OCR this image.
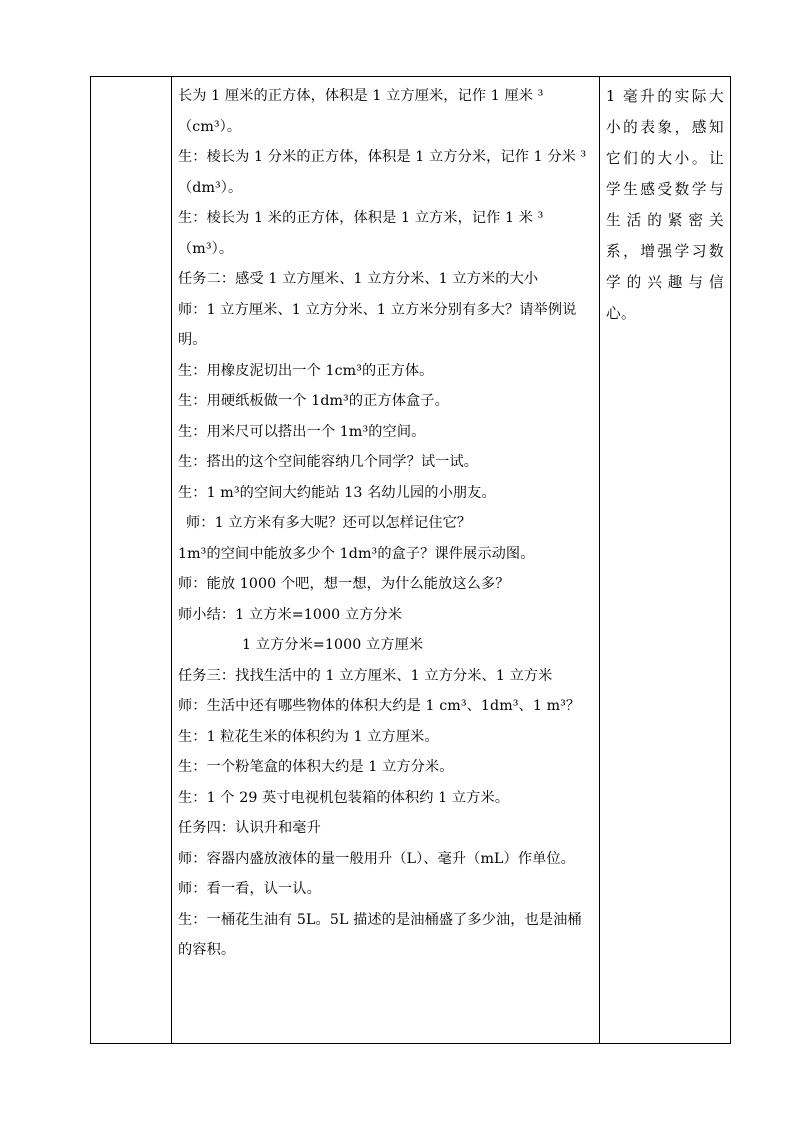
长为 1 厘米的正方体，体积是 1 立方厘米，记作 1 厘米 ³（cm³）。

生：棱长为 1 分米的正方体，体积是 1 立方分米，记作 1 分米 ³（dm³）。

生：棱长为 1 米的正方体，体积是 1 立方米，记作 1 米 ³（m³）。

任务二：感受 1 立方厘米、1 立方分米、1 立方米的大小

师：1 立方厘米、1 立方分米、1 立方米分别有多大？请举例说明。

生：用橡皮泥切出一个 1cm³的正方体。

生：用硬纸板做一个 1dm³的正方体盒子。

生：用米尺可以搭出一个 1m³的空间。

生：搭出的这个空间能容纳几个同学？试一试。

生：1 m³的空间大约能站 13 名幼儿园的小朋友。

师：1 立方米有多大呢？还可以怎样记住它？

1m³的空间中能放多少个 1dm³的盒子？课件展示动图。

师：能放 1000 个吧，想一想，为什么能放这么多？

师小结：1 立方米=1000 立方分米

1 立方分米=1000 立方厘米

任务三：找找生活中的 1 立方厘米、1 立方分米、1 立方米

师：生活中还有哪些物体的体积大约是 1 cm³、1dm³、1 m³？

生：1 粒花生米的体积约为 1 立方厘米。

生：一个粉笔盒的体积大约是 1 立方分米。

生：1 个 29 英寸电视机包装箱的体积约 1 立方米。

任务四：认识升和毫升

师：容器内盛放液体的量一般用升（L）、毫升（mL）作单位。

师：看一看，认一认。

生：一桶花生油有 5L。5L 描述的是油桶盛了多少油，也是油桶的容积。

1 毫升的实际大小的表象，感知它们的大小。让学生感受数学与生活的紧密关系，增强学习数学的兴趣与信心。
